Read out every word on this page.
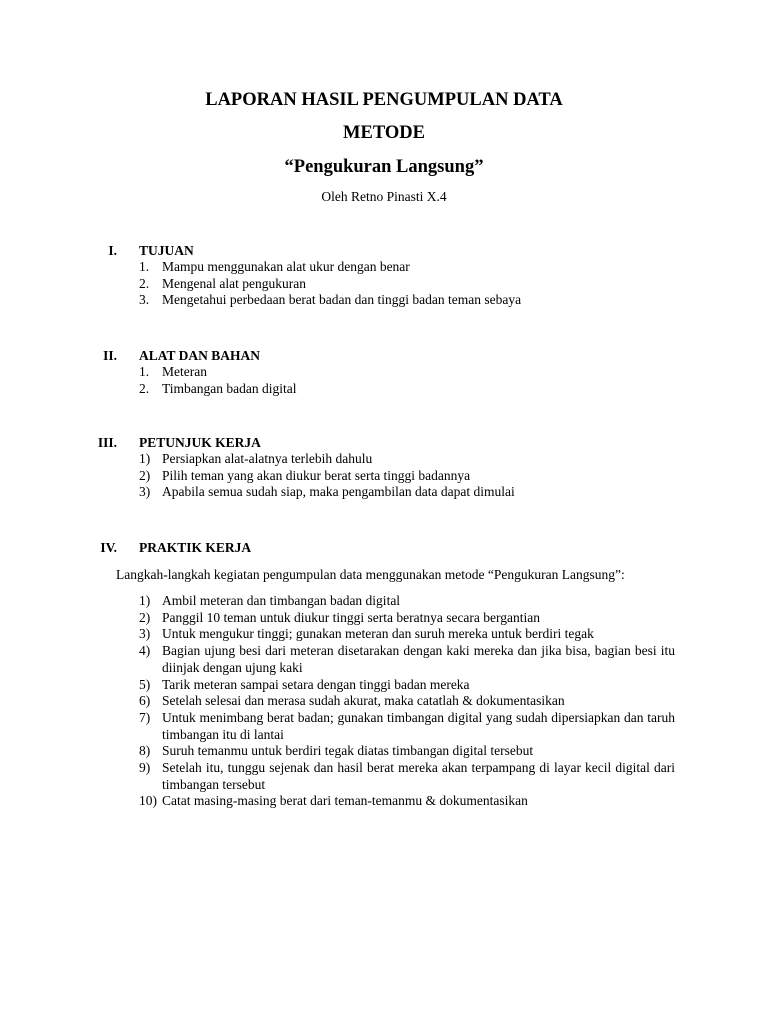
LAPORAN HASIL PENGUMPULAN DATA
METODE
“Pengukuran Langsung”
Oleh Retno Pinasti X.4
I. TUJUAN
1. Mampu menggunakan alat ukur dengan benar
2. Mengenal alat pengukuran
3. Mengetahui perbedaan berat badan dan tinggi badan teman sebaya
II. ALAT DAN BAHAN
1. Meteran
2. Timbangan badan digital
III. PETUNJUK KERJA
1) Persiapkan alat-alatnya terlebih dahulu
2) Pilih teman yang akan diukur berat serta tinggi badannya
3) Apabila semua sudah siap, maka pengambilan data dapat dimulai
IV. PRAKTIK KERJA
Langkah-langkah kegiatan pengumpulan data menggunakan metode “Pengukuran Langsung”:
1) Ambil meteran dan timbangan badan digital
2) Panggil 10 teman untuk diukur tinggi serta beratnya secara bergantian
3) Untuk mengukur tinggi; gunakan meteran dan suruh mereka untuk berdiri tegak
4) Bagian ujung besi dari meteran disetarakan dengan kaki mereka dan jika bisa, bagian besi itu diinjak dengan ujung kaki
5) Tarik meteran sampai setara dengan tinggi badan mereka
6) Setelah selesai dan merasa sudah akurat, maka catatlah & dokumentasikan
7) Untuk menimbang berat badan; gunakan timbangan digital yang sudah dipersiapkan dan taruh timbangan itu di lantai
8) Suruh temanmu untuk berdiri tegak diatas timbangan digital tersebut
9) Setelah itu, tunggu sejenak dan hasil berat mereka akan terpampang di layar kecil digital dari timbangan tersebut
10) Catat masing-masing berat dari teman-temanmu & dokumentasikan
